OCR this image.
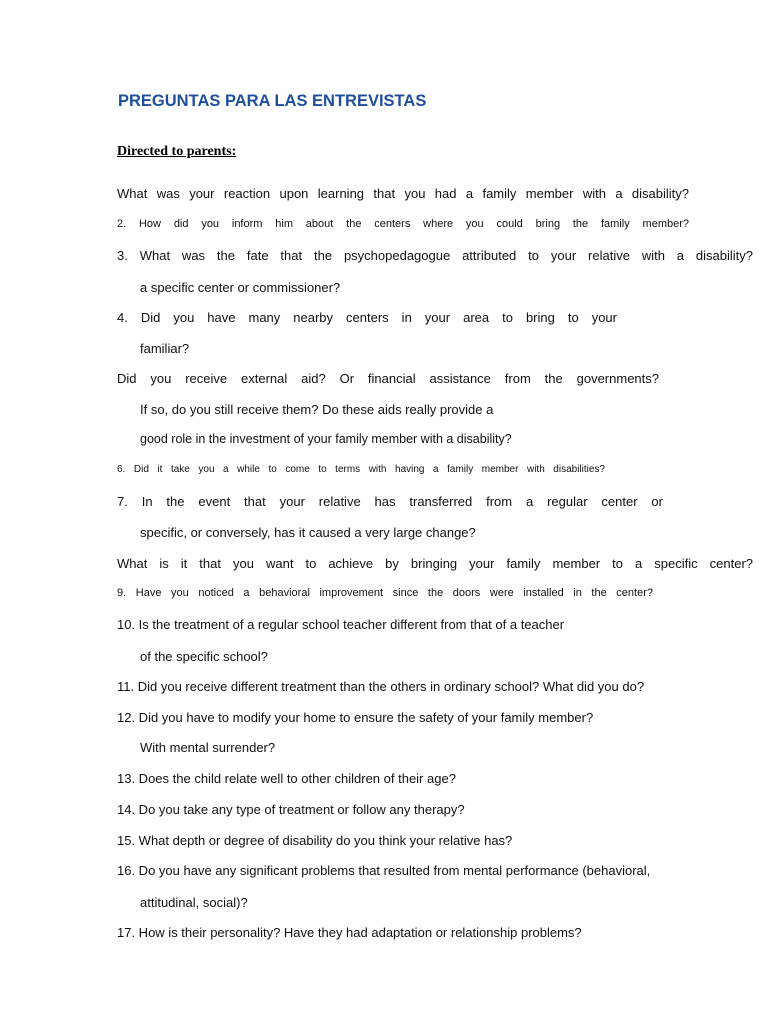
PREGUNTAS PARA LAS ENTREVISTAS
Directed to parents:

What was your reaction upon learning that you had a family member with a disability?

2. How did you inform him about the centers where you could bring the family member?

3. What was the fate that the psychopedagogue attributed to your relative with a disability?

a specific center or commissioner?

4. Did you have many nearby centers in your area to bring to your

familiar?

Did you receive external aid? Or financial assistance from the governments?

If so, do you still receive them? Do these aids really provide a

good role in the investment of your family member with a disability?

6. Did it take you a while to come to terms with having a family member with disabilities?

7. In the event that your relative has transferred from a regular center or

specific, or conversely, has it caused a very large change?

What is it that you want to achieve by bringing your family member to a specific center?

9. Have you noticed a behavioral improvement since the doors were installed in the center?

10. Is the treatment of a regular school teacher different from that of a teacher

of the specific school?

11. Did you receive different treatment than the others in ordinary school? What did you do?

12. Did you have to modify your home to ensure the safety of your family member?

With mental surrender?

13. Does the child relate well to other children of their age?

14. Do you take any type of treatment or follow any therapy?

15. What depth or degree of disability do you think your relative has?

16. Do you have any significant problems that resulted from mental performance (behavioral,

attitudinal, social)?

17. How is their personality? Have they had adaptation or relationship problems?
